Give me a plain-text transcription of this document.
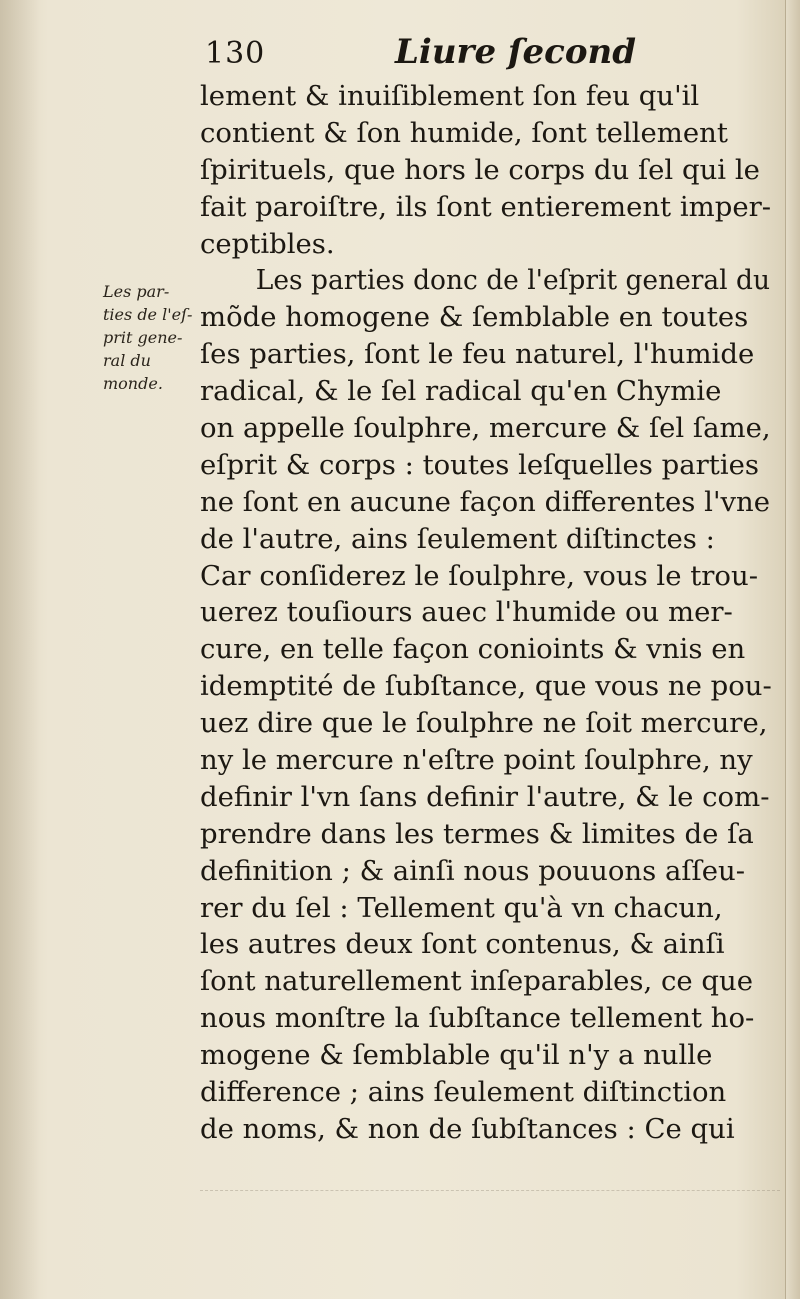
130	Liure ſecond
Les par-
ties de l'eſ-
prit gene-
ral du
monde.
lement & inuiſiblement ſon feu qu'il
contient & ſon humide, ſont tellement
ſpirituels, que hors le corps du ſel qui le
fait paroiſtre, ils ſont entierement imper-
ceptibles.
Les parties donc de l'eſprit general du
mõde homogene & ſemblable en toutes
ſes parties, ſont le feu naturel, l'humide
radical, & le ſel radical qu'en Chymie
on appelle ſoulphre, mercure & ſel ſame,
eſprit & corps : toutes leſquelles parties
ne ſont en aucune façon differentes l'vne
de l'autre, ains ſeulement diſtinctes :
Car conſiderez le ſoulphre, vous le trou-
uerez touſiours auec l'humide ou mer-
cure, en telle façon conioints & vnis en
idemptité de ſubſtance, que vous ne pou-
uez dire que le ſoulphre ne ſoit mercure,
ny le mercure n'eſtre point ſoulphre, ny
definir l'vn ſans definir l'autre, & le com-
prendre dans les termes & limites de ſa
definition ; & ainſi nous pouuons aſſeu-
rer du ſel : Tellement qu'à vn chacun,
les autres deux ſont contenus, & ainſi
ſont naturellement inſeparables, ce que
nous monſtre la ſubſtance tellement ho-
mogene & ſemblable qu'il n'y a nulle
difference ; ains ſeulement diſtinction
de noms, & non de ſubſtances : Ce qui
